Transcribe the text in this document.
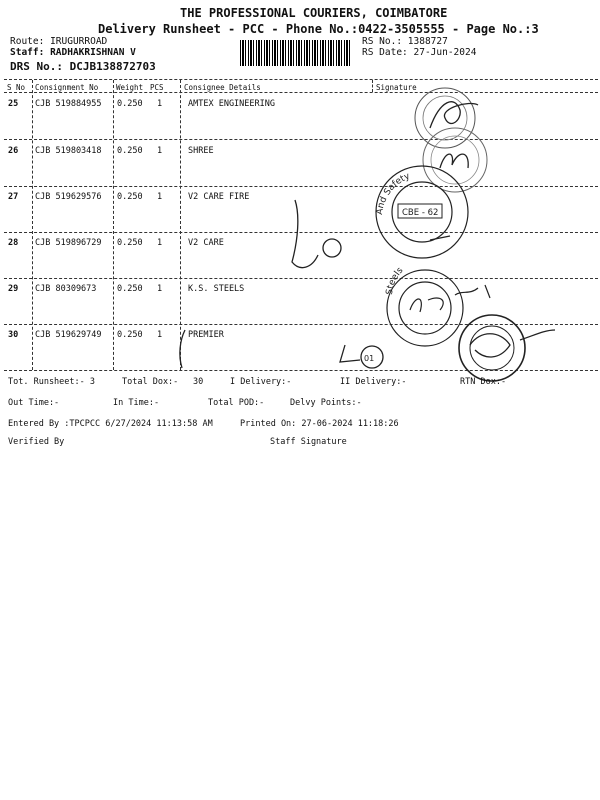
THE PROFESSIONAL COURIERS, COIMBATORE
Delivery Runsheet - PCC - Phone No.:0422-3505555 - Page No.:3
Route: IRUGURROAD
Staff: RADHAKRISHNAN V
DRS No.: DCJB138872703
RS No.: 1388727
RS Date: 27-Jun-2024
S No Consignment No Weight PCS	Consignee Details	Signature
25 CJB 519884955 0.250 1	AMTEX ENGINEERING
26 CJB 519803418 0.250 1	SHREE
27 CJB 519629576 0.250 1	V2 CARE FIRE
28 CJB 519896729 0.250 1	V2 CARE
29 CJB 80309673 0.250 1	K.S. STEELS
30 CJB 519629749 0.250 1	PREMIER
And Safety
CBE - 62
Steels
01
Tot. Runsheet:- 3	Total Dox:- 30	I Delivery:-	II Delivery:-	RTN Dox:-
Out Time:-	In Time:-	Total POD:-	Delvy Points:-
Entered By :TPCPCC 6/27/2024 11:13:58 AM	Printed On: 27-06-2024 11:18:26
Verified By	Staff Signature
